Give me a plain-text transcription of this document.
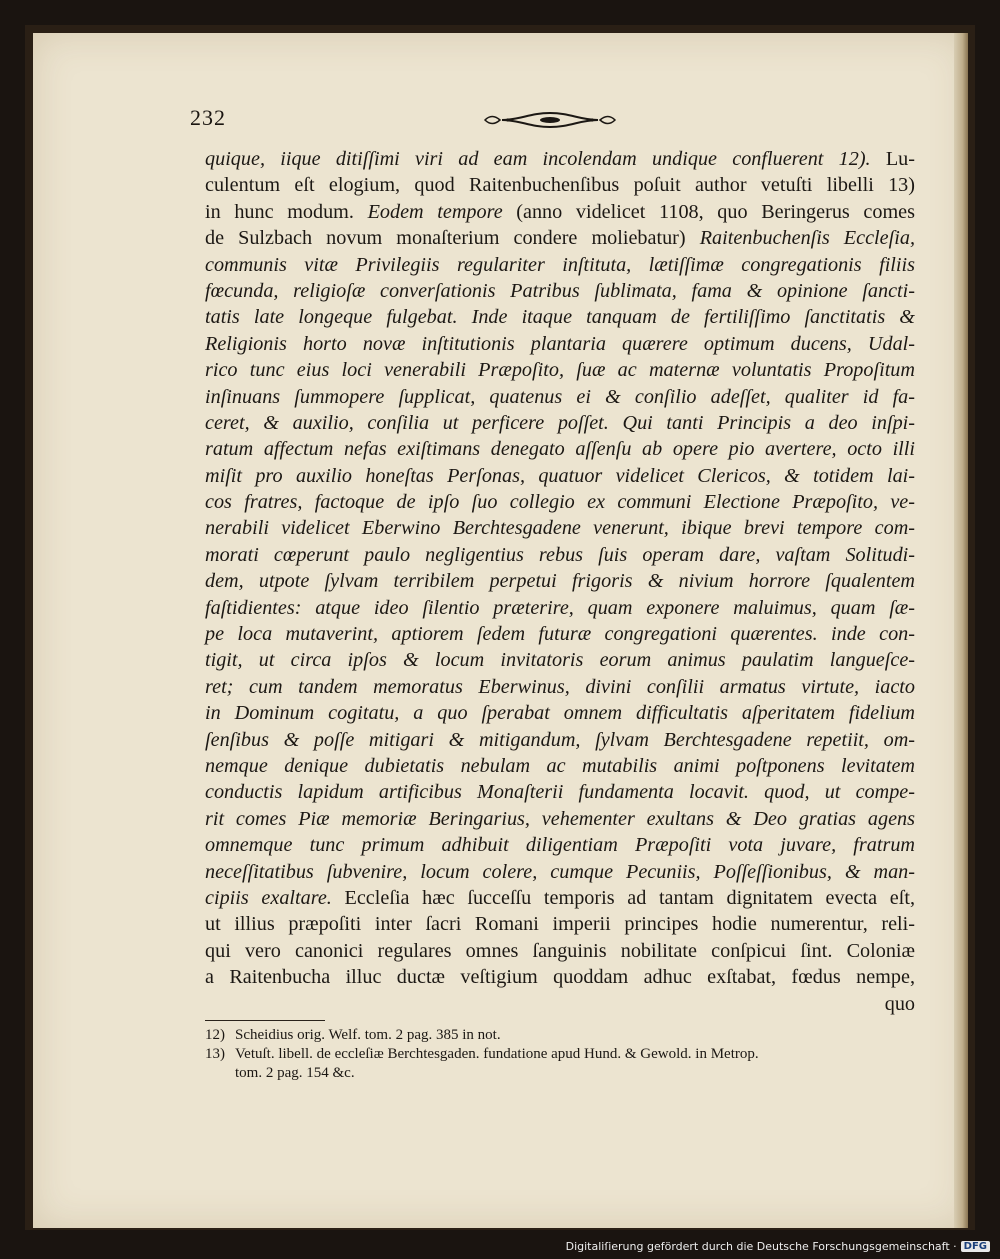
232
quique, iique ditiſſimi viri ad eam incolendam undique confluerent 12). Lu-
culentum eſt elogium, quod Raitenbuchenſibus poſuit author vetuſti libelli 13)
in hunc modum. Eodem tempore (anno videlicet 1108, quo Beringerus comes
de Sulzbach novum monaſterium condere moliebatur) Raitenbuchenſis Eccleſia,
communis vitæ Privilegiis regulariter inſtituta, lætiſſimæ congregationis filiis
fœcunda, religioſæ converſationis Patribus ſublimata, fama & opinione ſancti-
tatis late longeque fulgebat. Inde itaque tanquam de fertiliſſimo ſanctitatis &
Religionis horto novæ inſtitutionis plantaria quærere optimum ducens, Udal-
rico tunc eius loci venerabili Præpoſito, ſuæ ac maternæ voluntatis Propoſitum
inſinuans ſummopere ſupplicat, quatenus ei & conſilio adeſſet, qualiter id fa-
ceret, & auxilio, conſilia ut perficere poſſet. Qui tanti Principis a deo inſpi-
ratum affectum nefas exiſtimans denegato aſſenſu ab opere pio avertere, octo illi
miſit pro auxilio honeſtas Perſonas, quatuor videlicet Clericos, & totidem lai-
cos fratres, factoque de ipſo ſuo collegio ex communi Electione Præpoſito, ve-
nerabili videlicet Eberwino Berchtesgadene venerunt, ibique brevi tempore com-
morati cœperunt paulo negligentius rebus ſuis operam dare, vaſtam Solitudi-
dem, utpote ſylvam terribilem perpetui frigoris & nivium horrore ſqualentem
faſtidientes: atque ideo ſilentio præterire, quam exponere maluimus, quam ſæ-
pe loca mutaverint, aptiorem ſedem futuræ congregationi quærentes. inde con-
tigit, ut circa ipſos & locum invitatoris eorum animus paulatim langueſce-
ret; cum tandem memoratus Eberwinus, divini conſilii armatus virtute, iacto
in Dominum cogitatu, a quo ſperabat omnem difficultatis aſperitatem fidelium
ſenſibus & poſſe mitigari & mitigandum, ſylvam Berchtesgadene repetiit, om-
nemque denique dubietatis nebulam ac mutabilis animi poſtponens levitatem
conductis lapidum artificibus Monaſterii fundamenta locavit. quod, ut compe-
rit comes Piæ memoriæ Beringarius, vehementer exultans & Deo gratias agens
omnemque tunc primum adhibuit diligentiam Præpoſiti vota juvare, fratrum
neceſſitatibus ſubvenire, locum colere, cumque Pecuniis, Poſſeſſionibus, & man-
cipiis exaltare. Eccleſia hæc ſucceſſu temporis ad tantam dignitatem evecta eſt,
ut illius præpoſiti inter ſacri Romani imperii principes hodie numerentur, reli-
qui vero canonici regulares omnes ſanguinis nobilitate conſpicui ſint. Coloniæ
a Raitenbucha illuc ductæ veſtigium quoddam adhuc exſtabat, fœdus nempe,
quo
12) Scheidius orig. Welf. tom. 2 pag. 385 in not.
13) Vetuſt. libell. de eccleſiæ Berchtesgaden. fundatione apud Hund. & Gewold. in Metrop.
tom. 2 pag. 154 &c.
Digitaliſierung gefördert durch die Deutsche Forschungsgemeinschaft · DFG
